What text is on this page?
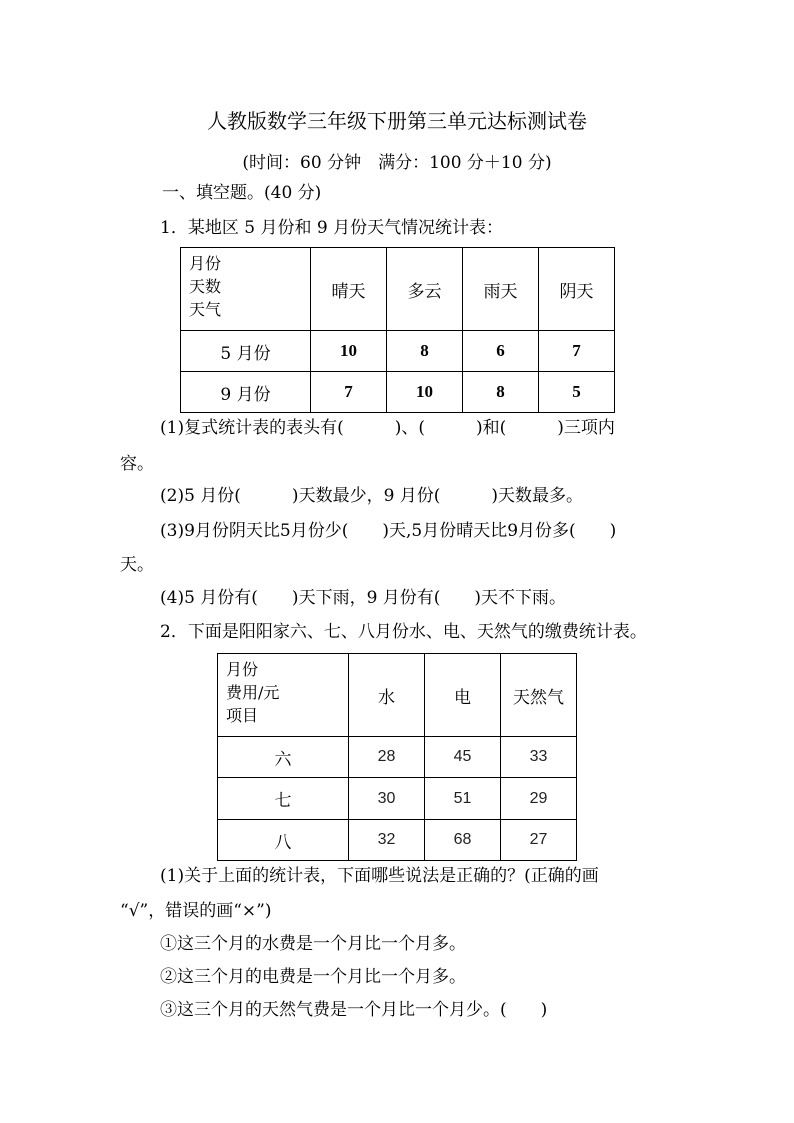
人教版数学三年级下册第三单元达标测试卷
(时间：60 分钟　满分：100 分＋10 分)
一、填空题。(40 分)
1．某地区 5 月份和 9 月份天气情况统计表：
月份
天数
天气	晴天	多云	雨天	阴天
5 月份	10	8	6	7
9 月份	7	10	8	5
(1)复式统计表的表头有(　　　)、(　　　)和(　　　)三项内
容。
(2)5 月份(　　　)天数最少，9 月份(　　　)天数最多。
(3)9月份阴天比5月份少(　　)天,5月份晴天比9月份多(　　)
天。
(4)5 月份有(　　)天下雨，9 月份有(　　)天不下雨。
2．下面是阳阳家六、七、八月份水、电、天然气的缴费统计表。
月份
费用/元
项目	水	电	天然气
六	28	45	33
七	30	51	29
八	32	68	27
(1)关于上面的统计表，下面哪些说法是正确的？(正确的画
“√”，错误的画“×”)
①这三个月的水费是一个月比一个月多。
②这三个月的电费是一个月比一个月多。
③这三个月的天然气费是一个月比一个月少。(　　)
